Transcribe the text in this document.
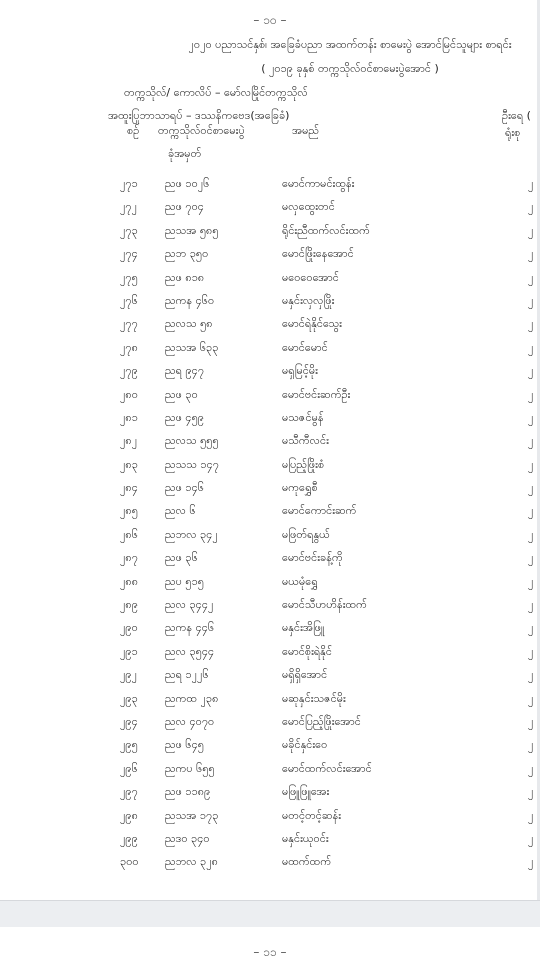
– ၁၀ –
၂၀၂၀ ပညာသင်နှစ်၊ အခြေခံပညာ အထက်တန်း စာမေးပွဲ အောင်မြင်သူများ စာရင်း
( ၂၀၁၉ ခုနှစ် တက္ကသိုလ်ဝင်စာမေးပွဲအောင် )
တက္ကသိုလ်/ ကောလိပ် – မော်လမြိုင်တက္ကသိုလ်
အထူးပြုဘာသာရပ် – ဒဿနိကဗေဒ(အခြေခံ)	ဦးရေ (
စဉ် တက္ကသိုလ်ဝင်စာမေးပွဲ
ခုံအမှတ်
အမည်	ရုံးစု
၂၇၁	ညဖ ၁၀၂၆	မောင်ကာမင်းထွန်း	၂
၂၇၂	ညဖ ၇၀၄	မလှထွေးတင်	၂
၂၇၃	ညသအ ၅၈၅	ရိုင်းညီထက်လင်းထက်	၂
၂၇၄	ညဘ ၃၅၀	မောင်ဖြိုးနေအောင်	၂
၂၇၅	ညဖ ၈၁၈	မဝေဝေအောင်	၂
၂၇၆	ညကန ၄၆၀	မနှင်းလှလှဖြိုး	၂
၂၇၇	ညလသ ၅၈	မောင်ရဲနိုင်သွေး	၂
၂၇၈	ညသအ ၆၃၃	မောင်မောင်	၂
၂၇၉	ညရ ၉၄၇	မရှမြင့်မိုး	၂
၂၈၀	ညဖ ၃၀	မောင်ဗင်းဆက်ဦး	၂
၂၈၁	ညဖ ၄၅၉	မသဇင်မွန်	၂
၂၈၂	ညလသ ၅၅၅	မသီကီလင်း	၂
၂၈၃	ညသသ ၁၄၇	မပြည့်ဖြိုးစံ	၂
၂၈၄	ညဖ ၁၄၆	မကုရွှေစီ	၂
၂၈၅	ညလ ၆	မောင်ကောင်းဆက်	၂
၂၈၆	ညဘလ ၃၄၂	မဖြတ်ရနွယ်	၂
၂၈၇	ညဖ ၃၆	မောင်ဗင်းခန့်ကို	၂
၂၈၈	ညပ ၅၁၅	မယမုံရွှေ	၂
၂၈၉	ညလ ၃၄၄၂	မောင်သီဟဟိန်းထက်	၂
၂၉၀	ညကန ၄၄၆	မနှင်းအိဖြူ	၂
၂၉၁	ညလ ၃၅၄၄	မောင်စိုးရဲနိုင်	၂
၂၉၂	ညရ ၁၂၂၆	မရှိရှိအောင်	၂
၂၉၃	ညကထ ၂၃၈	မဆုနှင်းသဇင်မိုး	၂
၂၉၄	ညလ ၄၀၇၀	မောင်ပြည့်ဖြိုးအောင်	၂
၂၉၅	ညဖ ၆၄၅	မခိုင်နှင်းဝေ	၂
၂၉၆	ညကပ ၆၅၅	မောင်ထက်လင်းအောင်	၂
၂၉၇	ညဖ ၁၁၈၉	မဖြူဖြူအေး	၂
၂၉၈	ညသအ ၁၇၃	မတင့်တင့်ဆန်း	၂
၂၉၉	ညဒဝ ၃၄၀	မနှင်းယုဝင်း	၂
၃၀၀	ညဘလ ၃၂၈	မထက်ထက်	၂
– ၁၁ –
